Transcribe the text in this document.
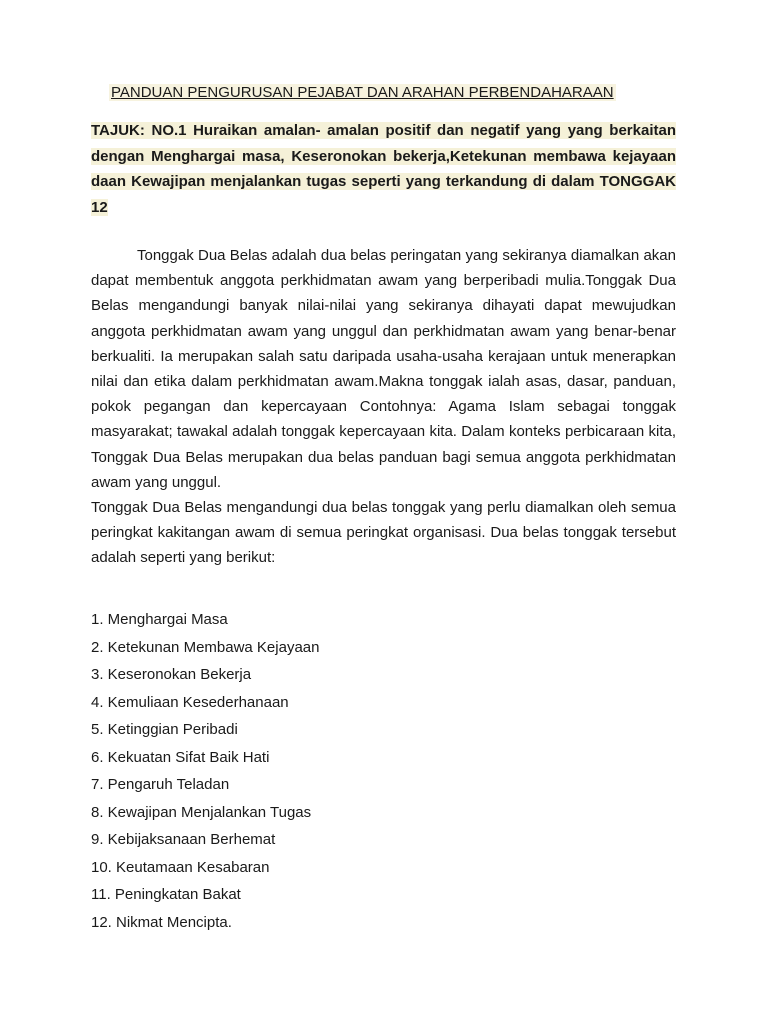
PANDUAN PENGURUSAN PEJABAT DAN ARAHAN PERBENDAHARAAN
TAJUK: NO.1 Huraikan amalan- amalan positif dan negatif yang yang berkaitan dengan Menghargai masa, Keseronokan bekerja,Ketekunan membawa kejayaan daan Kewajipan menjalankan tugas seperti yang terkandung di dalam TONGGAK 12

Tonggak Dua Belas adalah dua belas peringatan yang sekiranya diamalkan akan dapat membentuk anggota perkhidmatan awam yang berperibadi mulia.Tonggak Dua Belas mengandungi banyak nilai-nilai yang sekiranya dihayati dapat mewujudkan anggota perkhidmatan awam yang unggul dan perkhidmatan awam yang benar-benar berkualiti. Ia merupakan salah satu daripada usaha-usaha kerajaan untuk menerapkan nilai dan etika dalam perkhidmatan awam.Makna tonggak ialah asas, dasar, panduan, pokok pegangan dan kepercayaan Contohnya: Agama Islam sebagai tonggak masyarakat; tawakal adalah tonggak kepercayaan kita. Dalam konteks perbicaraan kita, Tonggak Dua Belas merupakan dua belas panduan bagi semua anggota perkhidmatan awam yang unggul.

Tonggak Dua Belas mengandungi dua belas tonggak yang perlu diamalkan oleh semua peringkat kakitangan awam di semua peringkat organisasi. Dua belas tonggak tersebut adalah seperti yang berikut:

1. Menghargai Masa
2. Ketekunan Membawa Kejayaan
3. Keseronokan Bekerja
4. Kemuliaan Kesederhanaan
5. Ketinggian Peribadi
6. Kekuatan Sifat Baik Hati
7. Pengaruh Teladan
8. Kewajipan Menjalankan Tugas
9. Kebijaksanaan Berhemat
10. Keutamaan Kesabaran
11. Peningkatan Bakat
12. Nikmat Mencipta.
